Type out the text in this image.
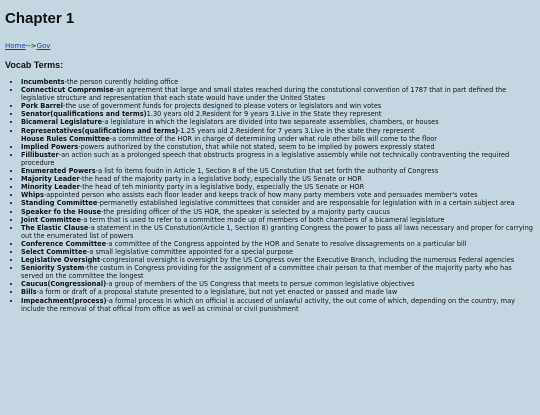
Chapter 1
Home-->Gov
Vocab Terms:
• Incumbents-the person curently holding office
• Connecticut Compromise-an agreement that large and small states reached during the constutional convention of 1787 that in part defined the legislative structure and representation that each state would have under the United States
• Pork Barrel-the use of government funds for projects designed to please voters or legislators and win votes
• Senator(qualifications and terms)1.30 years old 2.Resident for 9 years 3.Live in the State they represent
• Bicameral Legislature-a legislature in which the legislators are divided into two separeate assemblies, chambers, or houses
• Representatives(qualifications and terms)-1.25 years old 2.Resident for 7 years 3.Live in the state they represent
House Rules Committee-a committee of the HOR in charge of determining under what rule other bills will come to the floor
• Implied Powers-powers authorized by the constution, that while not stated, seem to be implied by powers expressly stated
• Fillibuster-an action such as a prolonged speech that obstructs progress in a legislative assembly while not technically contraventing the required procedure
• Enumerated Powers-a list fo items foudn in Article 1, Section 8 of the US Constution that set forth the authority of Congress
• Majority Leader-the head of the majority party in a legislative body, especially the US Senate or HOR
• Minority Leader-the head of teh miniority party in a legislative body, especially the US Senate or HOR
• Whips-appointed person who assists each floor leader and keeps track of how many party members vote and persuades member's votes
• Standing Committee-permanetly established legislative committees that consider and are responsable for legislation with in a certain subject area
• Speaker fo the House-the presiding officer of the US HOR, the speaker is selected by a majority party caucus
• Joint Committee-a term that is used to refer to a committee made up of members of both chambers of a bicameral legislature
• The Elastic Clause-a statement in the US Constution(Article 1, Section 8) granting Congress the power to pass all laws necessary and proper for carrying out the enumerated list of powers
• Conference Committee-a committee of the Congress appointed by the HOR and Senate to resolve dissagrements on a particular bill
• Select Committee-a small legislative committee appointed for a special purpose
• Legislative Oversight-congresional oversight is oversight by the US Congress over the Executive Branch, including the numerous Federal agencies
• Seniority System-the costum in Congress providing for the assignment of a committee chair person to that member of the majority party who has served on the committee the longest
• Caucus(Congressional)-a group of members of the US Congress that meets to persue common legislative objectives
• Bills-a form or draft of a proposal statute presented to a legislature, but not yet enacted or passed and made law
• Impeachment(process)-a formal process in which on official is accused of unlawful activity, the out come of which, depending on the country, may include the removal of that offical from office as well as criminal or civil punishment
